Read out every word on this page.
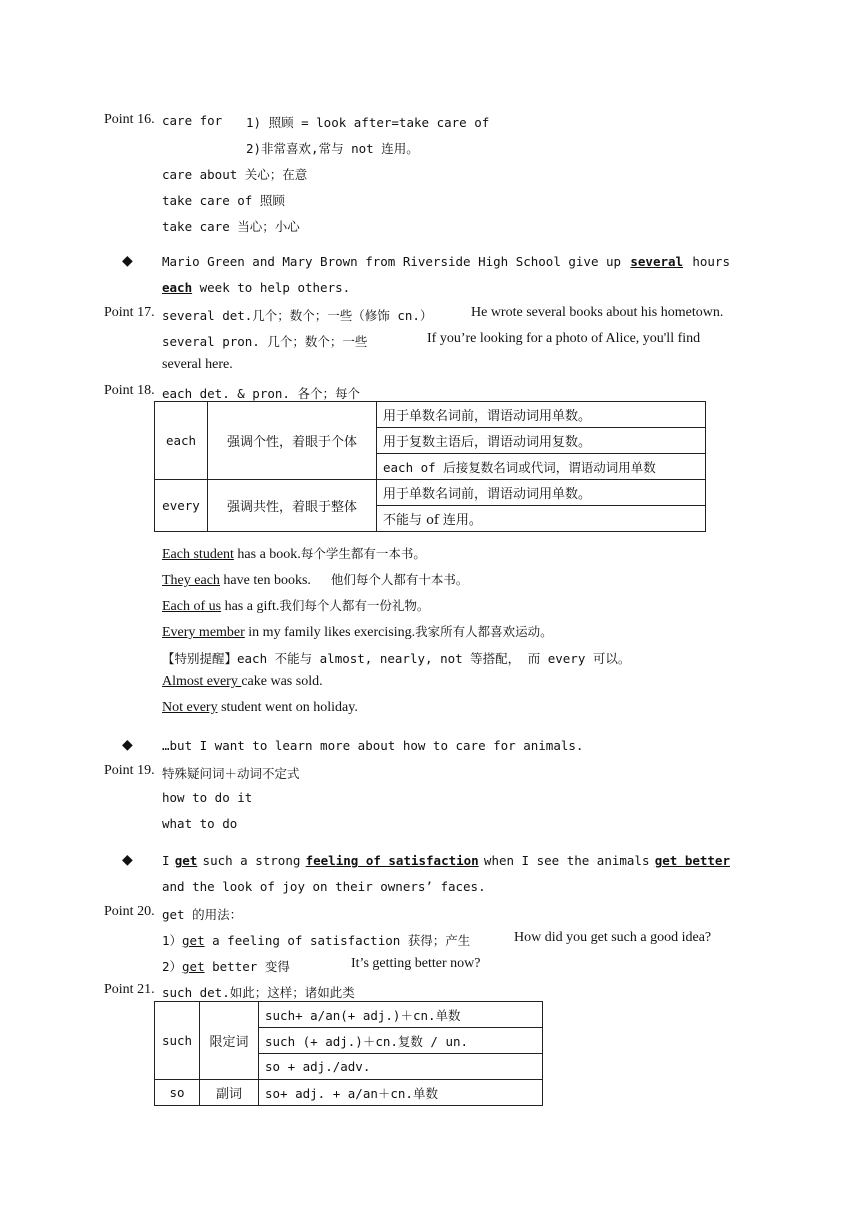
Point 16. care for 1) 照顾 = look after=take care of
2)非常喜欢,常与 not 连用。
care about 关心；在意
take care of 照顾
take care 当心；小心
◆ Mario Green and Mary Brown from Riverside High School give up several hours
each week to help others.
Point 17. several det.几个；数个；一些（修饰 cn.）	He wrote several books about his hometown.
several pron. 几个；数个；一些	If you’re looking for a photo of Alice, you'll find
several here.
Point 18. each det. & pron. 各个；每个
each	强调个性，着眼于个体	用于单数名词前，谓语动词用单数。
		用于复数主语后，谓语动词用复数。
		each of 后接复数名词或代词，谓语动词用单数
every	强调共性，着眼于整体	用于单数名词前，谓语动词用单数。
		不能与 of 连用。
Each student has a book.每个学生都有一本书。
They each have ten books. 他们每个人都有十本书。
Each of us has a gift.我们每个人都有一份礼物。
Every member in my family likes exercising.我家所有人都喜欢运动。
【特别提醒】each 不能与 almost, nearly, not 等搭配， 而 every 可以。
Almost every cake was sold.
Not every student went on holiday.
◆ …but I want to learn more about how to care for animals.
Point 19. 特殊疑问词＋动词不定式
how to do it
what to do
◆ I get such a strong feeling of satisfaction when I see the animals get better
and the look of joy on their owners’ faces.
Point 20. get 的用法：
1）get a feeling of satisfaction 获得；产生	How did you get such a good idea?
2）get better 变得	It’s getting better now?
Point 21. such det.如此；这样；诸如此类
such	限定词	such+ a/an(+ adj.)＋cn.单数
		such (+ adj.)＋cn.复数 / un.
		so + adj./adv.
so	副词	so+ adj. + a/an＋cn.单数
